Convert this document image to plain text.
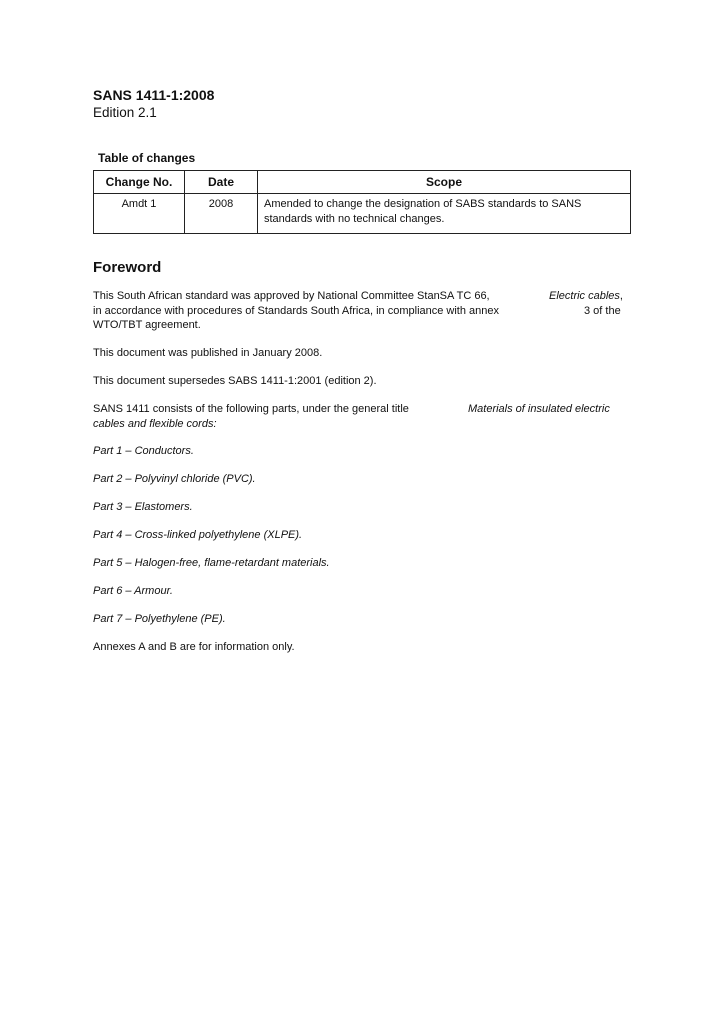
SANS 1411-1:2008

Edition 2.1

Table of changes

Change No.	Date	Scope
Amdt 1	2008	Amended to change the designation of SABS standards to SANS
standards with no technical changes.
Foreword
This South African standard was approved by National Committee StanSA TC 66,	Electric cables,
in accordance with procedures of Standards South Africa, in compliance with annex	3 of the
WTO/TBT agreement.

This document was published in January 2008.

This document supersedes SABS 1411-1:2001 (edition 2).

SANS 1411 consists of the following parts, under the general title	Materials of insulated electric
cables and flexible cords:

Part 1 – Conductors.

Part 2 – Polyvinyl chloride (PVC).

Part 3 – Elastomers.

Part 4 – Cross-linked polyethylene (XLPE).

Part 5 – Halogen-free, flame-retardant materials.

Part 6 – Armour.

Part 7 – Polyethylene (PE).

Annexes A and B are for information only.
